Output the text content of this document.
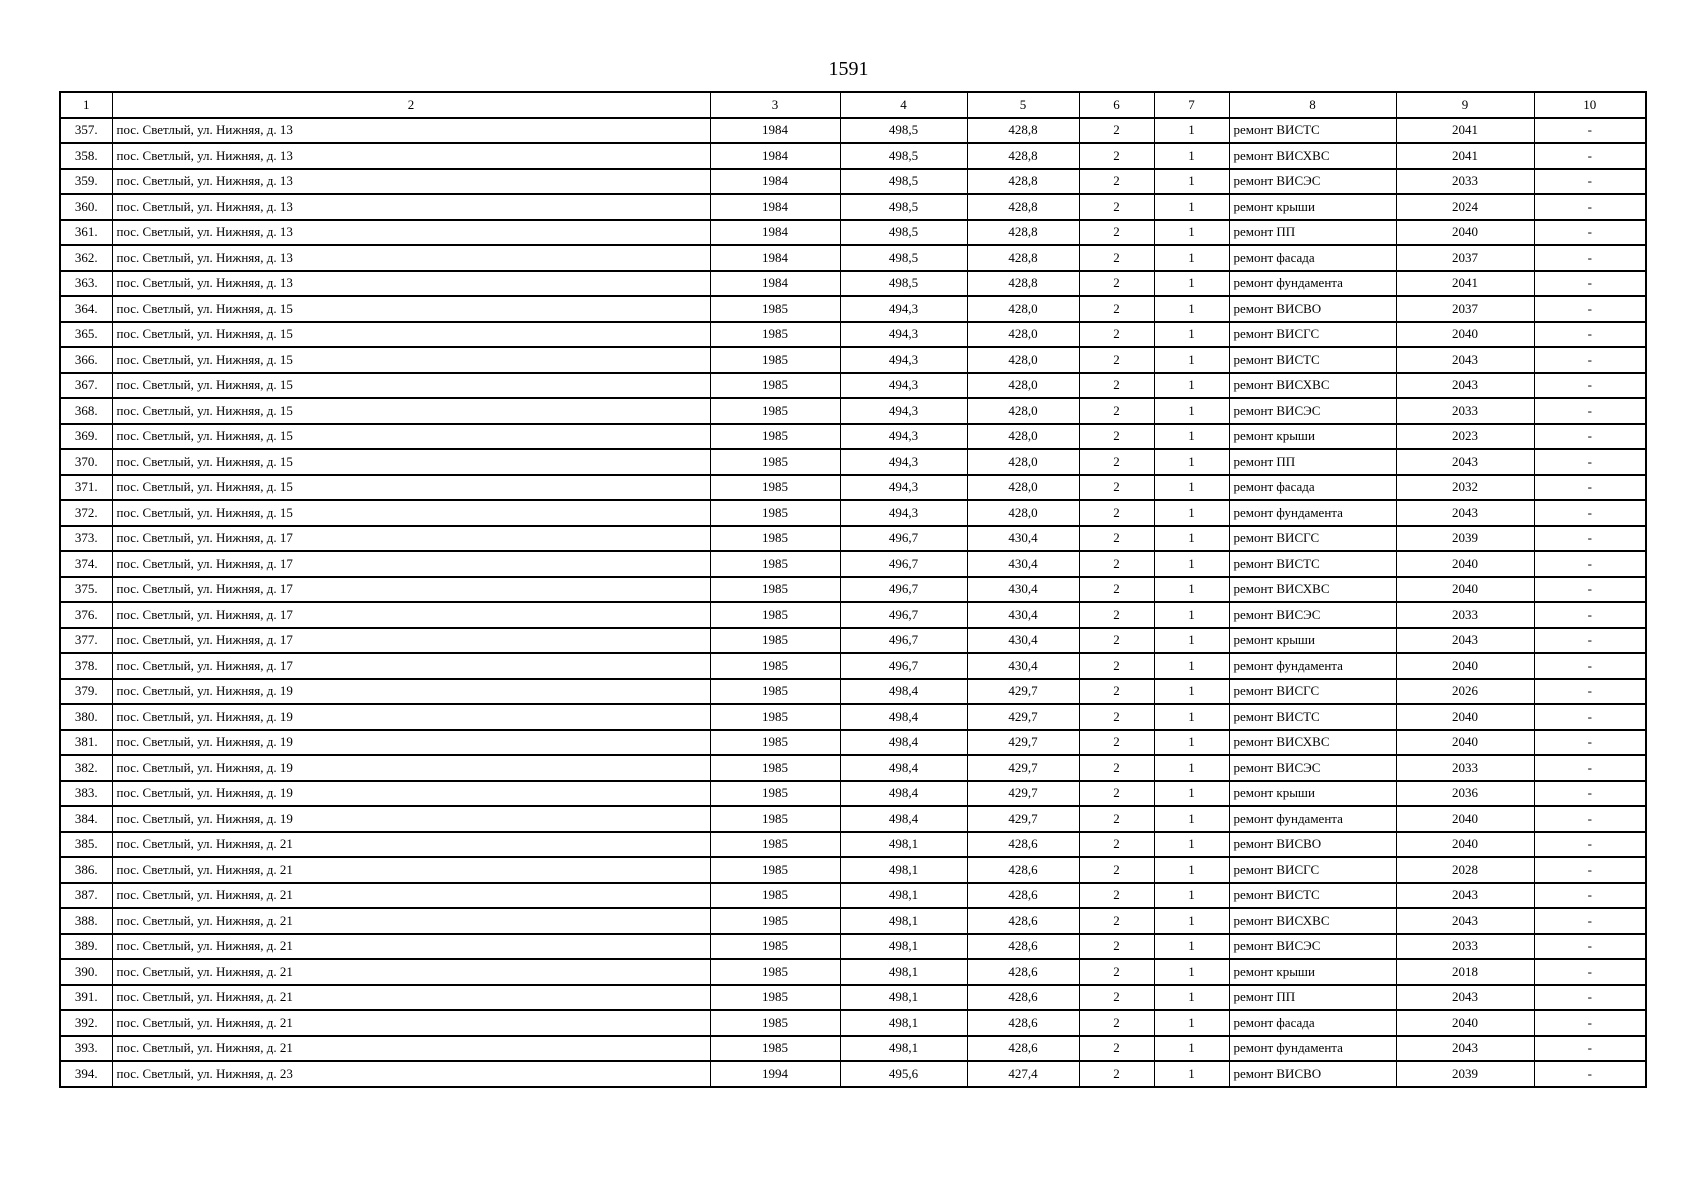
1591
1	2	3	4	5	6	7	8	9	10
357.	пос. Светлый, ул. Нижняя, д. 13	1984	498,5	428,8	2	1	ремонт ВИСТС	2041	-
358.	пос. Светлый, ул. Нижняя, д. 13	1984	498,5	428,8	2	1	ремонт ВИСХВС	2041	-
359.	пос. Светлый, ул. Нижняя, д. 13	1984	498,5	428,8	2	1	ремонт ВИСЭС	2033	-
360.	пос. Светлый, ул. Нижняя, д. 13	1984	498,5	428,8	2	1	ремонт крыши	2024	-
361.	пос. Светлый, ул. Нижняя, д. 13	1984	498,5	428,8	2	1	ремонт ПП	2040	-
362.	пос. Светлый, ул. Нижняя, д. 13	1984	498,5	428,8	2	1	ремонт фасада	2037	-
363.	пос. Светлый, ул. Нижняя, д. 13	1984	498,5	428,8	2	1	ремонт фундамента	2041	-
364.	пос. Светлый, ул. Нижняя, д. 15	1985	494,3	428,0	2	1	ремонт ВИСВО	2037	-
365.	пос. Светлый, ул. Нижняя, д. 15	1985	494,3	428,0	2	1	ремонт ВИСГС	2040	-
366.	пос. Светлый, ул. Нижняя, д. 15	1985	494,3	428,0	2	1	ремонт ВИСТС	2043	-
367.	пос. Светлый, ул. Нижняя, д. 15	1985	494,3	428,0	2	1	ремонт ВИСХВС	2043	-
368.	пос. Светлый, ул. Нижняя, д. 15	1985	494,3	428,0	2	1	ремонт ВИСЭС	2033	-
369.	пос. Светлый, ул. Нижняя, д. 15	1985	494,3	428,0	2	1	ремонт крыши	2023	-
370.	пос. Светлый, ул. Нижняя, д. 15	1985	494,3	428,0	2	1	ремонт ПП	2043	-
371.	пос. Светлый, ул. Нижняя, д. 15	1985	494,3	428,0	2	1	ремонт фасада	2032	-
372.	пос. Светлый, ул. Нижняя, д. 15	1985	494,3	428,0	2	1	ремонт фундамента	2043	-
373.	пос. Светлый, ул. Нижняя, д. 17	1985	496,7	430,4	2	1	ремонт ВИСГС	2039	-
374.	пос. Светлый, ул. Нижняя, д. 17	1985	496,7	430,4	2	1	ремонт ВИСТС	2040	-
375.	пос. Светлый, ул. Нижняя, д. 17	1985	496,7	430,4	2	1	ремонт ВИСХВС	2040	-
376.	пос. Светлый, ул. Нижняя, д. 17	1985	496,7	430,4	2	1	ремонт ВИСЭС	2033	-
377.	пос. Светлый, ул. Нижняя, д. 17	1985	496,7	430,4	2	1	ремонт крыши	2043	-
378.	пос. Светлый, ул. Нижняя, д. 17	1985	496,7	430,4	2	1	ремонт фундамента	2040	-
379.	пос. Светлый, ул. Нижняя, д. 19	1985	498,4	429,7	2	1	ремонт ВИСГС	2026	-
380.	пос. Светлый, ул. Нижняя, д. 19	1985	498,4	429,7	2	1	ремонт ВИСТС	2040	-
381.	пос. Светлый, ул. Нижняя, д. 19	1985	498,4	429,7	2	1	ремонт ВИСХВС	2040	-
382.	пос. Светлый, ул. Нижняя, д. 19	1985	498,4	429,7	2	1	ремонт ВИСЭС	2033	-
383.	пос. Светлый, ул. Нижняя, д. 19	1985	498,4	429,7	2	1	ремонт крыши	2036	-
384.	пос. Светлый, ул. Нижняя, д. 19	1985	498,4	429,7	2	1	ремонт фундамента	2040	-
385.	пос. Светлый, ул. Нижняя, д. 21	1985	498,1	428,6	2	1	ремонт ВИСВО	2040	-
386.	пос. Светлый, ул. Нижняя, д. 21	1985	498,1	428,6	2	1	ремонт ВИСГС	2028	-
387.	пос. Светлый, ул. Нижняя, д. 21	1985	498,1	428,6	2	1	ремонт ВИСТС	2043	-
388.	пос. Светлый, ул. Нижняя, д. 21	1985	498,1	428,6	2	1	ремонт ВИСХВС	2043	-
389.	пос. Светлый, ул. Нижняя, д. 21	1985	498,1	428,6	2	1	ремонт ВИСЭС	2033	-
390.	пос. Светлый, ул. Нижняя, д. 21	1985	498,1	428,6	2	1	ремонт крыши	2018	-
391.	пос. Светлый, ул. Нижняя, д. 21	1985	498,1	428,6	2	1	ремонт ПП	2043	-
392.	пос. Светлый, ул. Нижняя, д. 21	1985	498,1	428,6	2	1	ремонт фасада	2040	-
393.	пос. Светлый, ул. Нижняя, д. 21	1985	498,1	428,6	2	1	ремонт фундамента	2043	-
394.	пос. Светлый, ул. Нижняя, д. 23	1994	495,6	427,4	2	1	ремонт ВИСВО	2039	-
